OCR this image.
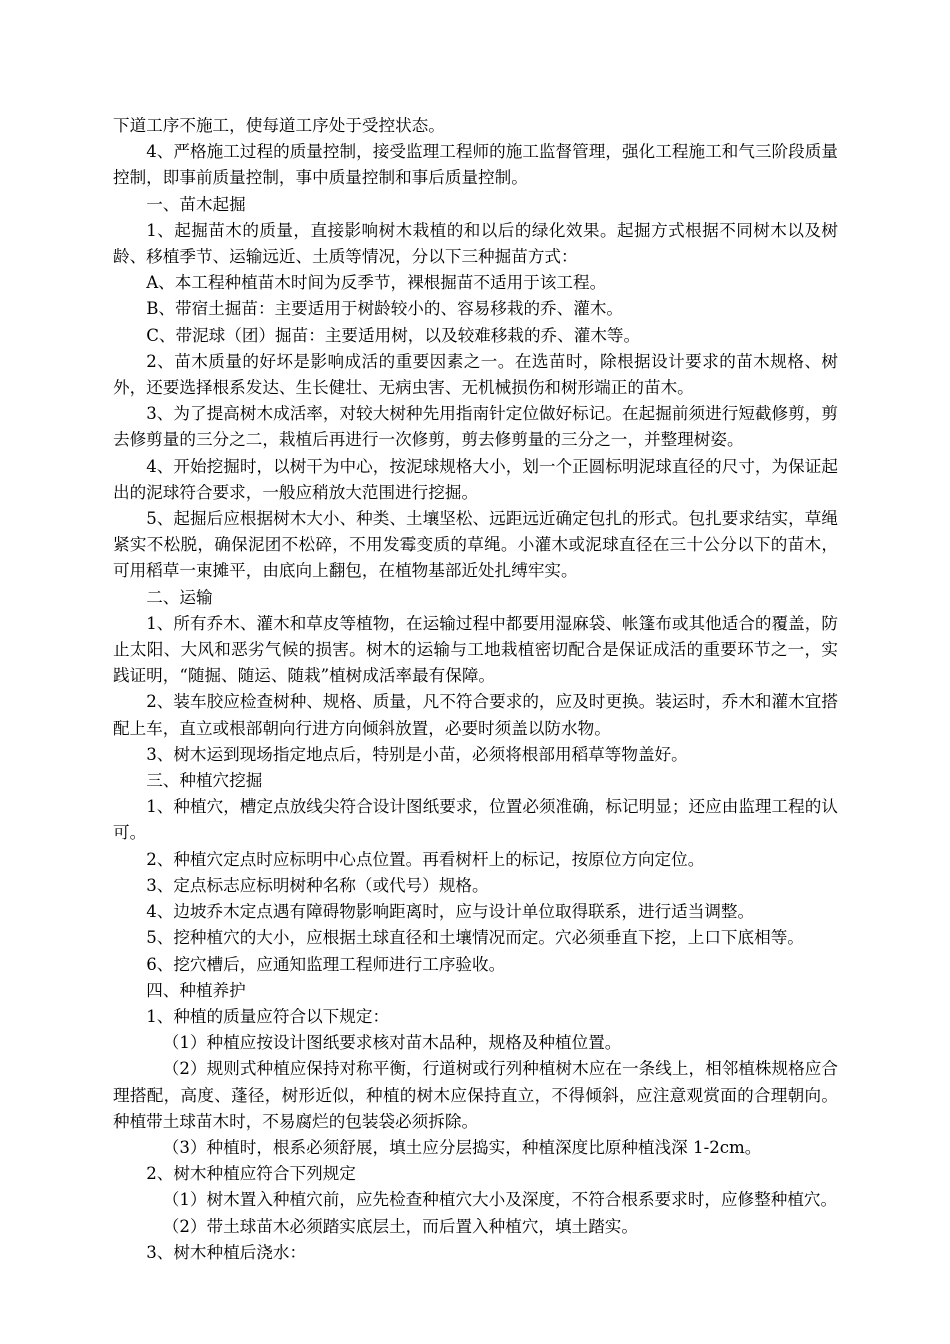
下道工序不施工，使每道工序处于受控状态。

4、严格施工过程的质量控制，接受监理工程师的施工监督管理，强化工程施工和气三阶段质量控制，即事前质量控制，事中质量控制和事后质量控制。

一、苗木起掘

1、起掘苗木的质量，直接影响树木栽植的和以后的绿化效果。起掘方式根据不同树木以及树龄、移植季节、运输远近、土质等情况，分以下三种掘苗方式：

A、本工程种植苗木时间为反季节，裸根掘苗不适用于该工程。

B、带宿土掘苗：主要适用于树龄较小的、容易移栽的乔、灌木。

C、带泥球（团）掘苗：主要适用树，以及较难移栽的乔、灌木等。

2、苗木质量的好坏是影响成活的重要因素之一。在选苗时，除根据设计要求的苗木规格、树外，还要选择根系发达、生长健壮、无病虫害、无机械损伤和树形端正的苗木。

3、为了提高树木成活率，对较大树种先用指南针定位做好标记。在起掘前须进行短截修剪，剪去修剪量的三分之二，栽植后再进行一次修剪，剪去修剪量的三分之一，并整理树姿。

4、开始挖掘时，以树干为中心，按泥球规格大小，划一个正圆标明泥球直径的尺寸，为保证起出的泥球符合要求，一般应稍放大范围进行挖掘。

5、起掘后应根据树木大小、种类、土壤坚松、远距远近确定包扎的形式。包扎要求结实，草绳紧实不松脱，确保泥团不松碎，不用发霉变质的草绳。小灌木或泥球直径在三十公分以下的苗木，可用稻草一束摊平，由底向上翻包，在植物基部近处扎缚牢实。

二、运输

1、所有乔木、灌木和草皮等植物，在运输过程中都要用湿麻袋、帐篷布或其他适合的覆盖，防止太阳、大风和恶劣气候的损害。树木的运输与工地栽植密切配合是保证成活的重要环节之一，实践证明，“随掘、随运、随栽”植树成活率最有保障。

2、装车胶应检查树种、规格、质量，凡不符合要求的，应及时更换。装运时，乔木和灌木宜搭配上车，直立或根部朝向行进方向倾斜放置，必要时须盖以防水物。

3、树木运到现场指定地点后，特别是小苗，必须将根部用稻草等物盖好。

三、种植穴挖掘

1、种植穴，槽定点放线尖符合设计图纸要求，位置必须准确，标记明显；还应由监理工程的认可。

2、种植穴定点时应标明中心点位置。再看树杆上的标记，按原位方向定位。

3、定点标志应标明树种名称（或代号）规格。

4、边坡乔木定点遇有障碍物影响距离时，应与设计单位取得联系，进行适当调整。

5、挖种植穴的大小，应根据土球直径和土壤情况而定。穴必须垂直下挖，上口下底相等。

6、挖穴槽后，应通知监理工程师进行工序验收。

四、种植养护

1、种植的质量应符合以下规定：

（1）种植应按设计图纸要求核对苗木品种，规格及种植位置。

（2）规则式种植应保持对称平衡，行道树或行列种植树木应在一条线上，相邻植株规格应合理搭配，高度、蓬径，树形近似，种植的树木应保持直立，不得倾斜，应注意观赏面的合理朝向。种植带土球苗木时，不易腐烂的包装袋必须拆除。

（3）种植时，根系必须舒展，填土应分层捣实，种植深度比原种植浅深 1-2cm。

2、树木种植应符合下列规定

（1）树木置入种植穴前，应先检查种植穴大小及深度，不符合根系要求时，应修整种植穴。

（2）带土球苗木必须踏实底层土，而后置入种植穴，填土踏实。

3、树木种植后浇水：
